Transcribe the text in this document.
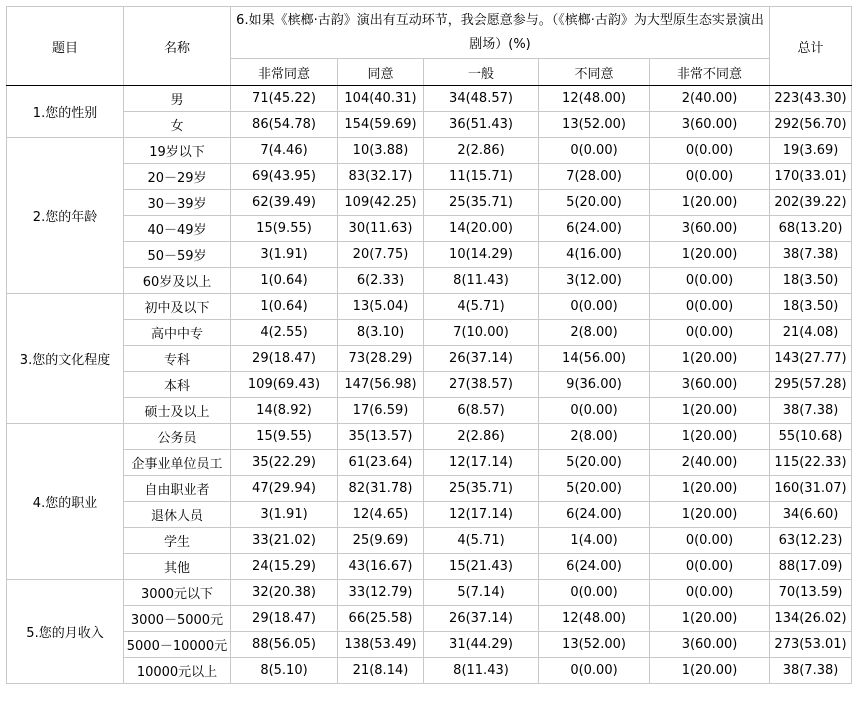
题目	名称	6.如果《槟榔·古韵》演出有互动环节，我会愿意参与。（《槟榔·古韵》为大型原生态实景演出剧场）(%)					总计
		非常同意	同意	一般	不同意	非常不同意	
1.您的性别	男	71(45.22)	104(40.31)	34(48.57)	12(48.00)	2(40.00)	223(43.30)
	女	86(54.78)	154(59.69)	36(51.43)	13(52.00)	3(60.00)	292(56.70)
2.您的年龄	19岁以下	7(4.46)	10(3.88)	2(2.86)	0(0.00)	0(0.00)	19(3.69)
	20－29岁	69(43.95)	83(32.17)	11(15.71)	7(28.00)	0(0.00)	170(33.01)
	30－39岁	62(39.49)	109(42.25)	25(35.71)	5(20.00)	1(20.00)	202(39.22)
	40－49岁	15(9.55)	30(11.63)	14(20.00)	6(24.00)	3(60.00)	68(13.20)
	50－59岁	3(1.91)	20(7.75)	10(14.29)	4(16.00)	1(20.00)	38(7.38)
	60岁及以上	1(0.64)	6(2.33)	8(11.43)	3(12.00)	0(0.00)	18(3.50)
3.您的文化程度	初中及以下	1(0.64)	13(5.04)	4(5.71)	0(0.00)	0(0.00)	18(3.50)
	高中中专	4(2.55)	8(3.10)	7(10.00)	2(8.00)	0(0.00)	21(4.08)
	专科	29(18.47)	73(28.29)	26(37.14)	14(56.00)	1(20.00)	143(27.77)
	本科	109(69.43)	147(56.98)	27(38.57)	9(36.00)	3(60.00)	295(57.28)
	硕士及以上	14(8.92)	17(6.59)	6(8.57)	0(0.00)	1(20.00)	38(7.38)
4.您的职业	公务员	15(9.55)	35(13.57)	2(2.86)	2(8.00)	1(20.00)	55(10.68)
	企事业单位员工	35(22.29)	61(23.64)	12(17.14)	5(20.00)	2(40.00)	115(22.33)
	自由职业者	47(29.94)	82(31.78)	25(35.71)	5(20.00)	1(20.00)	160(31.07)
	退休人员	3(1.91)	12(4.65)	12(17.14)	6(24.00)	1(20.00)	34(6.60)
	学生	33(21.02)	25(9.69)	4(5.71)	1(4.00)	0(0.00)	63(12.23)
	其他	24(15.29)	43(16.67)	15(21.43)	6(24.00)	0(0.00)	88(17.09)
5.您的月收入	3000元以下	32(20.38)	33(12.79)	5(7.14)	0(0.00)	0(0.00)	70(13.59)
	3000－5000元	29(18.47)	66(25.58)	26(37.14)	12(48.00)	1(20.00)	134(26.02)
	5000－10000元	88(56.05)	138(53.49)	31(44.29)	13(52.00)	3(60.00)	273(53.01)
	10000元以上	8(5.10)	21(8.14)	8(11.43)	0(0.00)	1(20.00)	38(7.38)
